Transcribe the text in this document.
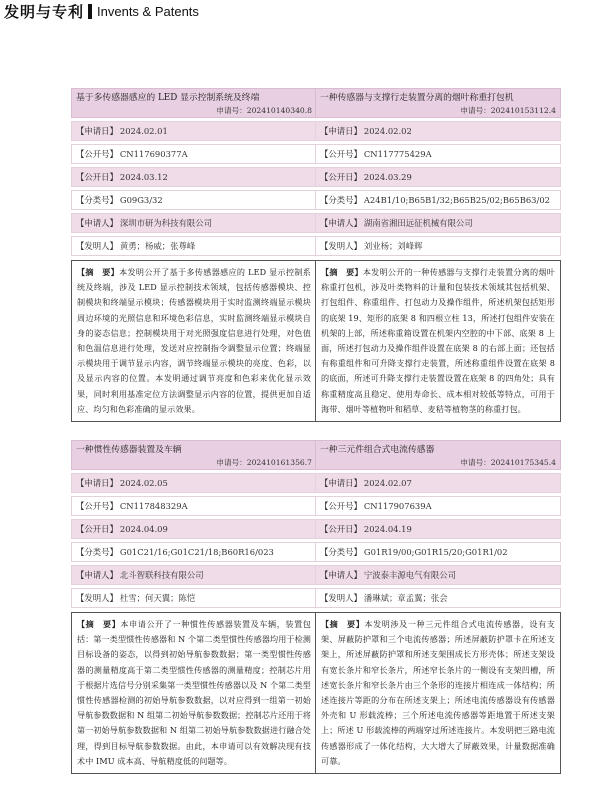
发明与专利 Invents & Patents
基于多传感器感应的 LED 显示控制系统及终端
申请号：202410140340.8
【申请日】 2024.02.01
【公开号】 CN117690377A
【公开日】 2024.03.12
【分类号】 G09G3/32
【申请人】 深圳市研为科技有限公司
【发明人】 黄勇；杨威；张尊峰
【摘　要】本发明公开了基于多传感器感应的 LED 显示控制系统及终端，涉及 LED 显示控制技术领域，包括传感器模块、控制模块和终端显示模块；传感器模块用于实时监测终端显示模块周边环境的光照信息和环境色彩信息，实时监测终端显示模块自身的姿态信息；控制模块用于对光照强度信息进行处理，对色值和色温信息进行处理，发送对应控制指令调整显示位置；终端显示模块用于调节显示内容，调节终端显示模块的亮度、色彩，以及显示内容的位置。本发明通过调节亮度和色彩来优化显示效果，同时利用基准定位方法调整显示内容的位置，提供更加自适应、均匀和色彩准确的显示效果。
一种传感器与支撑行走装置分离的烟叶称重打包机
申请号：202410153112.4
【申请日】 2024.02.02
【公开号】 CN117775429A
【公开日】 2024.03.29
【分类号】 A24B1/10;B65B1/32;B65B25/02;B65B63/02
【申请人】 湖南省湘田远征机械有限公司
【发明人】 刘业杨；刘峰辉
【摘　要】本发明公开的一种传感器与支撑行走装置分离的烟叶称重打包机，涉及叶类物料的计量和包装技术领域其包括机架、打包组件、称重组件、打包动力及操作组件，所述机架包括矩形的底架 19、矩形的底架 8 和四根立柱 13，所述打包组件安装在机架的上部，所述称重箱设置在机架内空腔的中下部、底架 8 上面，所述打包动力及操作组件设置在底架 8 的右部上面；还包括有称重组件和可升降支撑行走装置，所述称重组件设置在底架 8 的底面，所述可升降支撑行走装置设置在底架 8 的四角处；具有称重精度高且稳定、使用寿命长、成本相对较低等特点，可用于海带、烟叶等植物叶和稻草、麦秸等植物茎的称重打包。
一种惯性传感器装置及车辆
申请号：202410161356.7
【申请日】 2024.02.05
【公开号】 CN117848329A
【公开日】 2024.04.09
【分类号】 G01C21/16;G01C21/18;B60R16/023
【申请人】 北斗智联科技有限公司
【发明人】 杜雪；何天翼；陈恺
【摘　要】本申请公开了一种惯性传感器装置及车辆，装置包括：第一类型惯性传感器和 N 个第二类型惯性传感器均用于检测目标设备的姿态，以得到初始导航参数数据；第一类型惯性传感器的测量精度高于第二类型惯性传感器的测量精度；控制芯片用于根据片选信号分别采集第一类型惯性传感器以及 N 个第二类型惯性传感器检测的初始导航参数数据，以对应得到一组第一初始导航参数数据和 N 组第二初始导航参数数据；控制芯片还用于将第一初始导航参数数据和 N 组第二初始导航参数数据进行融合处理，得到目标导航参数数据。由此，本申请可以有效解决现有技术中 IMU 成本高、导航精度低的问题等。
一种三元件组合式电流传感器
申请号：202410175345.4
【申请日】 2024.02.07
【公开号】 CN117907639A
【公开日】 2024.04.19
【分类号】 G01R19/00;G01R15/20;G01R1/02
【申请人】 宁波泰丰源电气有限公司
【发明人】 潘琳斌；章孟翼；张会
【摘　要】本发明涉及一种三元件组合式电流传感器，设有支架、屏蔽防护罩和三个电流传感器；所述屏蔽防护罩卡在所述支架上，所述屏蔽防护罩和所述支架围成长方形壳体；所述支架设有宽长条片和窄长条片，所述窄长条片的一侧设有支架凹槽，所述宽长条片和窄长条片由三个条形的连接片相连成一体结构；所述连接片等距的分布在所述支架上；所述电流传感器设有传感器外壳和 U 形载流棒；三个所述电流传感器等距地置于所述支架上；所述 U 形载流棒的两端穿过所述连接片。本发明把三路电流传感器形成了一体化结构，大大增大了屏蔽效果，计量数据准确可靠。
